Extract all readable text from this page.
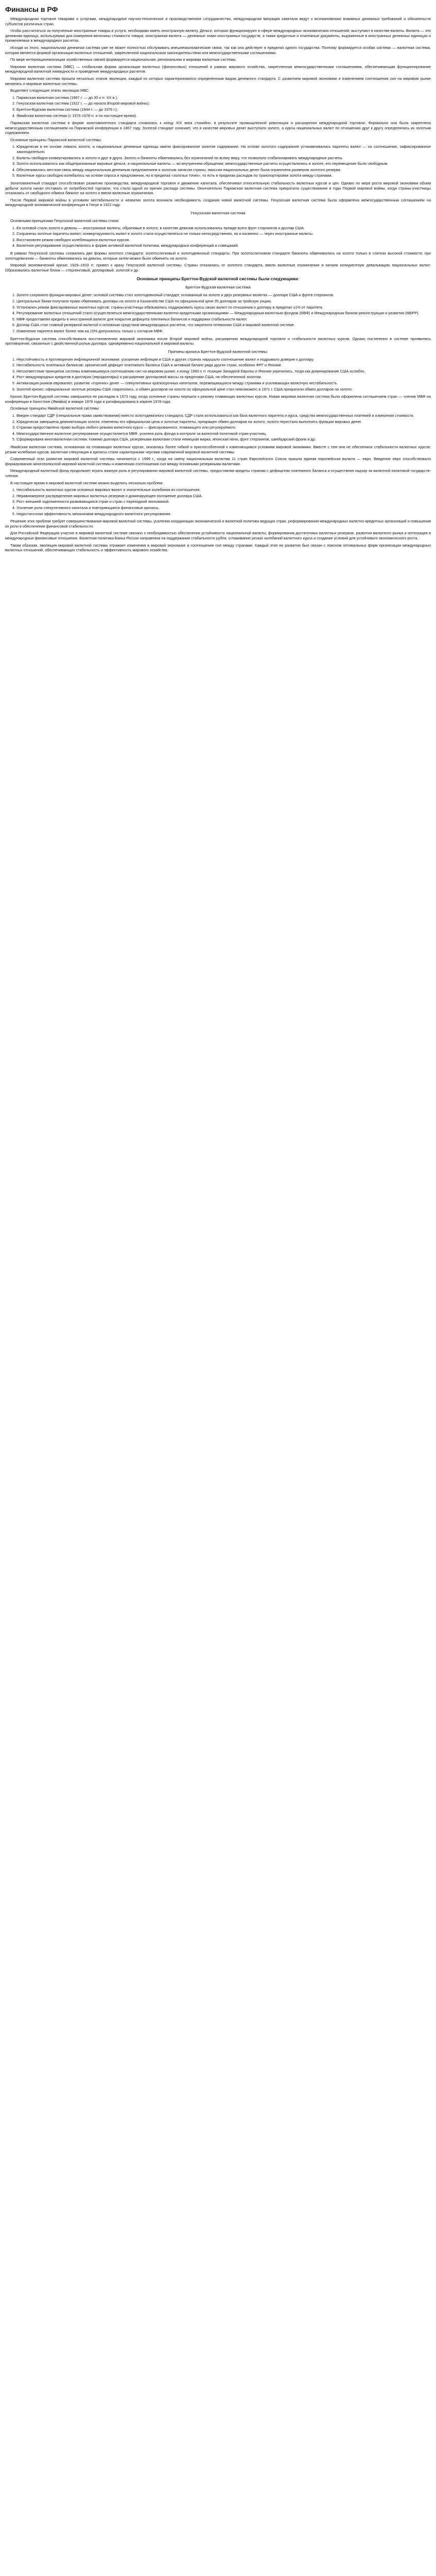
Финансы в РФ

Международная торговля товарами и услугами, международное научно-техническое и производственное сотрудничество, международная миграция капитала ведут к возникновению взаимных денежных требований и обязательств субъектов различных стран.

Чтобы рассчитаться за полученные иностранные товары и услуги, необходимо иметь иностранную валюту. Деньги, которые функционируют в сфере международных экономических отношений, выступают в качестве валюты. Валюта — это денежная единица, используемая для измерения величины стоимости товара; иностранная валюта — денежные знаки иностранных государств, а также кредитные и платежные документы, выраженные в иностранных денежных единицах и применяемые в международных расчетах.

Исходя из этого, национальная денежная система уже не может полностью обслуживать внешнеэкономические связи, так как она действует в пределах одного государства. Поэтому формируется особая система — валютная система, которая является формой организации валютных отношений, закрепленной национальным законодательством или межгосударственными соглашениями.

По мере интернационализации хозяйственных связей формируется национальная, региональная и мировая валютные системы.

Мировая валютная система (МВС) — глобальная форма организации валютных (финансовых) отношений в рамках мирового хозяйства, закрепленная межгосударственными соглашениями, обеспечивающая функционирование международной валютной ликвидности и проведение международных расчетов.

Мировая валютная система прошла несколько этапов эволюции, каждый из которых характеризовался определенным видом денежного стандарта. С развитием мировой экономики и изменением соотношения сил на мировом рынке менялись и мировые валютные системы.

Выделяют следующие этапы эволюции МВС:

1. Парижская валютная система (1867 г. — до 30-х гг. XX в.);
2. Генуэзская валютная система (1922 г. — до начала Второй мировой войны);
3. Бреттон-Вудская валютная система (1944 г. — до 1976 г.);
4. Ямайская валютная система (с 1976-1978 гг. и по настоящее время).

Парижская валютная система в форме золотомонетного стандарта сложилась к концу XIX века стихийно, в результате промышленной революции и расширения международной торговли. Формально она была закреплена межгосударственным соглашением на Парижской конференции в 1867 году. Золотой стандарт означает, что в качестве мировых денег выступало золото, а курсы национальных валют по отношению друг к другу определялись их золотым содержанием.

Основные принципы Парижской валютной системы:

1. Юридически в ее основе лежало золото, а национальные денежные единицы имели фиксированное золотое содержание. На основе золотого содержания устанавливались паритеты валют — их соотношение, зафиксированное законодательно.
2. Валюты свободно конвертировались в золото и друг в друга. Золото и банкноты обменивались без ограничений по всему миру, что позволяло стабилизировать международные расчеты.
3. Золото использовалось как общепризнанные мировые деньги, а национальные валюты — во внутреннем обращении; межгосударственные расчеты осуществлялись в золоте, его перемещение было свободным.
4. Обеспечивалась жесткая связь между национальным денежным предложением и золотым запасом страны; эмиссия национальных денег была ограничена размером золотого резерва.
5. Валютные курсы свободно колебались на основе спроса и предложения, но в пределах «золотых точек», то есть в пределах расходов по транспортировке золота между странами.

Золотомонетный стандарт способствовал развитию производства, международной торговли и движению капитала, обеспечивал относительную стабильность валютных курсов и цен. Однако по мере роста мировой экономики объем добычи золота начал отставать от потребностей торговли, что стало одной из причин распада системы. Окончательно Парижская валютная система прекратила существование в годы Первой мировой войны, когда страны-участницы отказались от свободного обмена банкнот на золото и ввели валютные ограничения.

После Первой мировой войны в условиях нестабильности и нехватки золота возникла необходимость создания новой валютной системы. Генуэзская валютная система была оформлена межгосударственным соглашением на международной экономической конференции в Генуе в 1922 году.

Генуэзская валютная система

Основными принципами Генуэзской валютной системы стали:

1. Ее основой стали золото и девизы — иностранные валюты, обратимые в золото; в качестве девизов использовались прежде всего фунт стерлингов и доллар США.
2. Сохранены золотые паритеты валют; конвертируемость валют в золото стала осуществляться не только непосредственно, но и косвенно — через иностранные валюты.
3. Восстановлен режим свободно колеблющихся валютных курсов.
4. Валютное регулирование осуществлялось в форме активной валютной политики, международных конференций и совещаний.

В рамках Генуэзской системы сложились две формы золотого стандарта: золотослитковый и золотодевизный стандарты. При золотослитковом стандарте банкноты обменивались на золото только в слитках высокой стоимости; при золотодевизном — банкноты обменивались на девизы, которые затем можно было обменять на золото.

Мировой экономический кризис 1929–1933 гг. привел к краху Генуэзской валютной системы. Страны отказались от золотого стандарта, ввели валютные ограничения и начали конкурентную девальвацию национальных валют. Образовались валютные блоки — стерлинговый, долларовый, золотой и др.

Основные принципы Бреттон-Вудской валютной системы были следующими:
Бреттон-Вудская валютная система
1. Золото сохранило функции мировых денег; основой системы стал золотодевизный стандарт, основанный на золоте и двух резервных валютах — долларе США и фунте стерлингов.
2. Центральные банки получили право обменивать доллары на золото в Казначействе США по официальной цене 35 долларов за тройскую унцию.
3. Установлен режим фиксированных валютных курсов: страны-участницы обязывались поддерживать курсы своих валют по отношению к доллару в пределах ±1% от паритета.
4. Регулирование валютных отношений стало осуществляться межгосударственными валютно-кредитными организациями — Международным валютным фондом (МВФ) и Международным банком реконструкции и развития (МБРР).
5. МВФ предоставлял кредиты в иностранной валюте для покрытия дефицита платежных балансов и поддержки стабильности валют.
6. Доллар США стал главной резервной валютой и основным средством международных расчетов, что закрепило гегемонию США в мировой валютной системе.
7. Изменение паритета валют более чем на 10% допускалось только с согласия МВФ.

Бреттон-Вудская система способствовала восстановлению мировой экономики после Второй мировой войны, расширению международной торговли и стабильности валютных курсов. Однако постепенно в системе проявились противоречия, связанные с двойственной ролью доллара: одновременно национальной и мировой валюты.

Причины кризиса Бреттон-Вудской валютной системы:
1. Неустойчивость и противоречия инфляционной экономики: ускорение инфляции в США и других странах нарушало соотношение валют и подрывало доверие к доллару.
2. Нестабильность платежных балансов: хронический дефицит платежного баланса США и активный баланс ряда других стран, особенно ФРГ и Японии.
3. Несоответствие принципов системы изменившемуся соотношению сил на мировом рынке: к концу 1960-х гг. позиции Западной Европы и Японии укрепились, тогда как доминирование США ослабло.
4. Рост международных кредитов в долларах (евродоллары) и расширение долларовой массы за пределами США, не обеспеченной золотом.
5. Активизация рынков евровалют, развитие «горячих» денег — спекулятивных краткосрочных капиталов, перемещающихся между странами и усиливающих валютную нестабильность.
6. Золотой кризис: официальные золотые резервы США сократились, и обмен долларов на золото по официальной цене стал невозможен; в 1971 г. США прекратили обмен долларов на золото.

Кризис Бреттон-Вудской системы завершился ее распадом в 1973 году, когда основные страны перешли к режиму плавающих валютных курсов. Новая мировая валютная система была оформлена соглашением стран — членов МВФ на конференции в Кингстоне (Ямайка) в январе 1976 года и ратифицирована в апреле 1978 года.

Основные принципы Ямайской валютной системы:

1. Введен стандарт СДР (специальные права заимствования) вместо золотодевизного стандарта; СДР стали использоваться как база валютного паритета и курса, средство межгосударственных платежей и измерения стоимости.
2. Юридически завершена демонетизация золота: отменены его официальная цена и золотые паритеты, прекращен обмен долларов на золото; золото перестало выполнять функции мировых денег.
3. Странам предоставлено право выбора любого режима валютного курса — фиксированного, плавающего или регулируемого.
4. Межгосударственное валютное регулирование осуществляется МВФ, усилена роль фонда в контроле за валютной политикой стран-участниц.
5. Сформирована многовалютная система: помимо доллара США, резервными валютами стали немецкая марка, японская иена, фунт стерлингов, швейцарский франк и др.

Ямайская валютная система, основанная на плавающих валютных курсах, оказалась более гибкой и приспособленной к изменяющимся условиям мировой экономики. Вместе с тем она не обеспечила стабильности валютных курсов: резкие колебания курсов, валютная спекуляция и кризисы стали характерными чертами современной мировой валютной системы.

Современный этап развития мировой валютной системы начинается с 1999 г., когда на смену национальным валютам 11 стран Европейского Союза пришла единая европейская валюта — евро. Введение евро способствовало формированию многополюсной мировой валютной системы и изменению соотношения сил между основными резервными валютами.

Международный валютный фонд продолжает играть важную роль в регулировании мировой валютной системы, предоставляя кредиты странам с дефицитом платежного баланса и осуществляя надзор за валютной политикой государств-членов.

В настоящее время в мировой валютной системе можно выделить несколько проблем:

1. Нестабильность валютных курсов основных мировых валют и значительные колебания их соотношения.
2. Неравномерное распределение мировых валютных резервов и доминирующее положение доллара США.
3. Рост внешней задолженности развивающихся стран и стран с переходной экономикой.
4. Усиление роли спекулятивного капитала и повторяющиеся финансовые кризисы.
5. Недостаточная эффективность механизмов международного валютного регулирования.

Решение этих проблем требует совершенствования мировой валютной системы, усиления координации экономической и валютной политики ведущих стран, реформирования международных валютно-кредитных организаций и повышения их роли в обеспечении финансовой стабильности.

Для Российской Федерации участие в мировой валютной системе связано с необходимостью обеспечения устойчивости национальной валюты, формирования достаточных валютных резервов, развития валютного рынка и интеграции в международные финансовые отношения. Валютная политика Банка России направлена на поддержание стабильности рубля, сглаживание резких колебаний валютного курса и создание условий для устойчивого экономического роста.

Таким образом, эволюция мировой валютной системы отражает изменения в мировой экономике и соотношении сил между странами. Каждый этап ее развития был связан с поиском оптимальных форм организации международных валютных отношений, обеспечивающих стабильность и эффективность мирового хозяйства.
